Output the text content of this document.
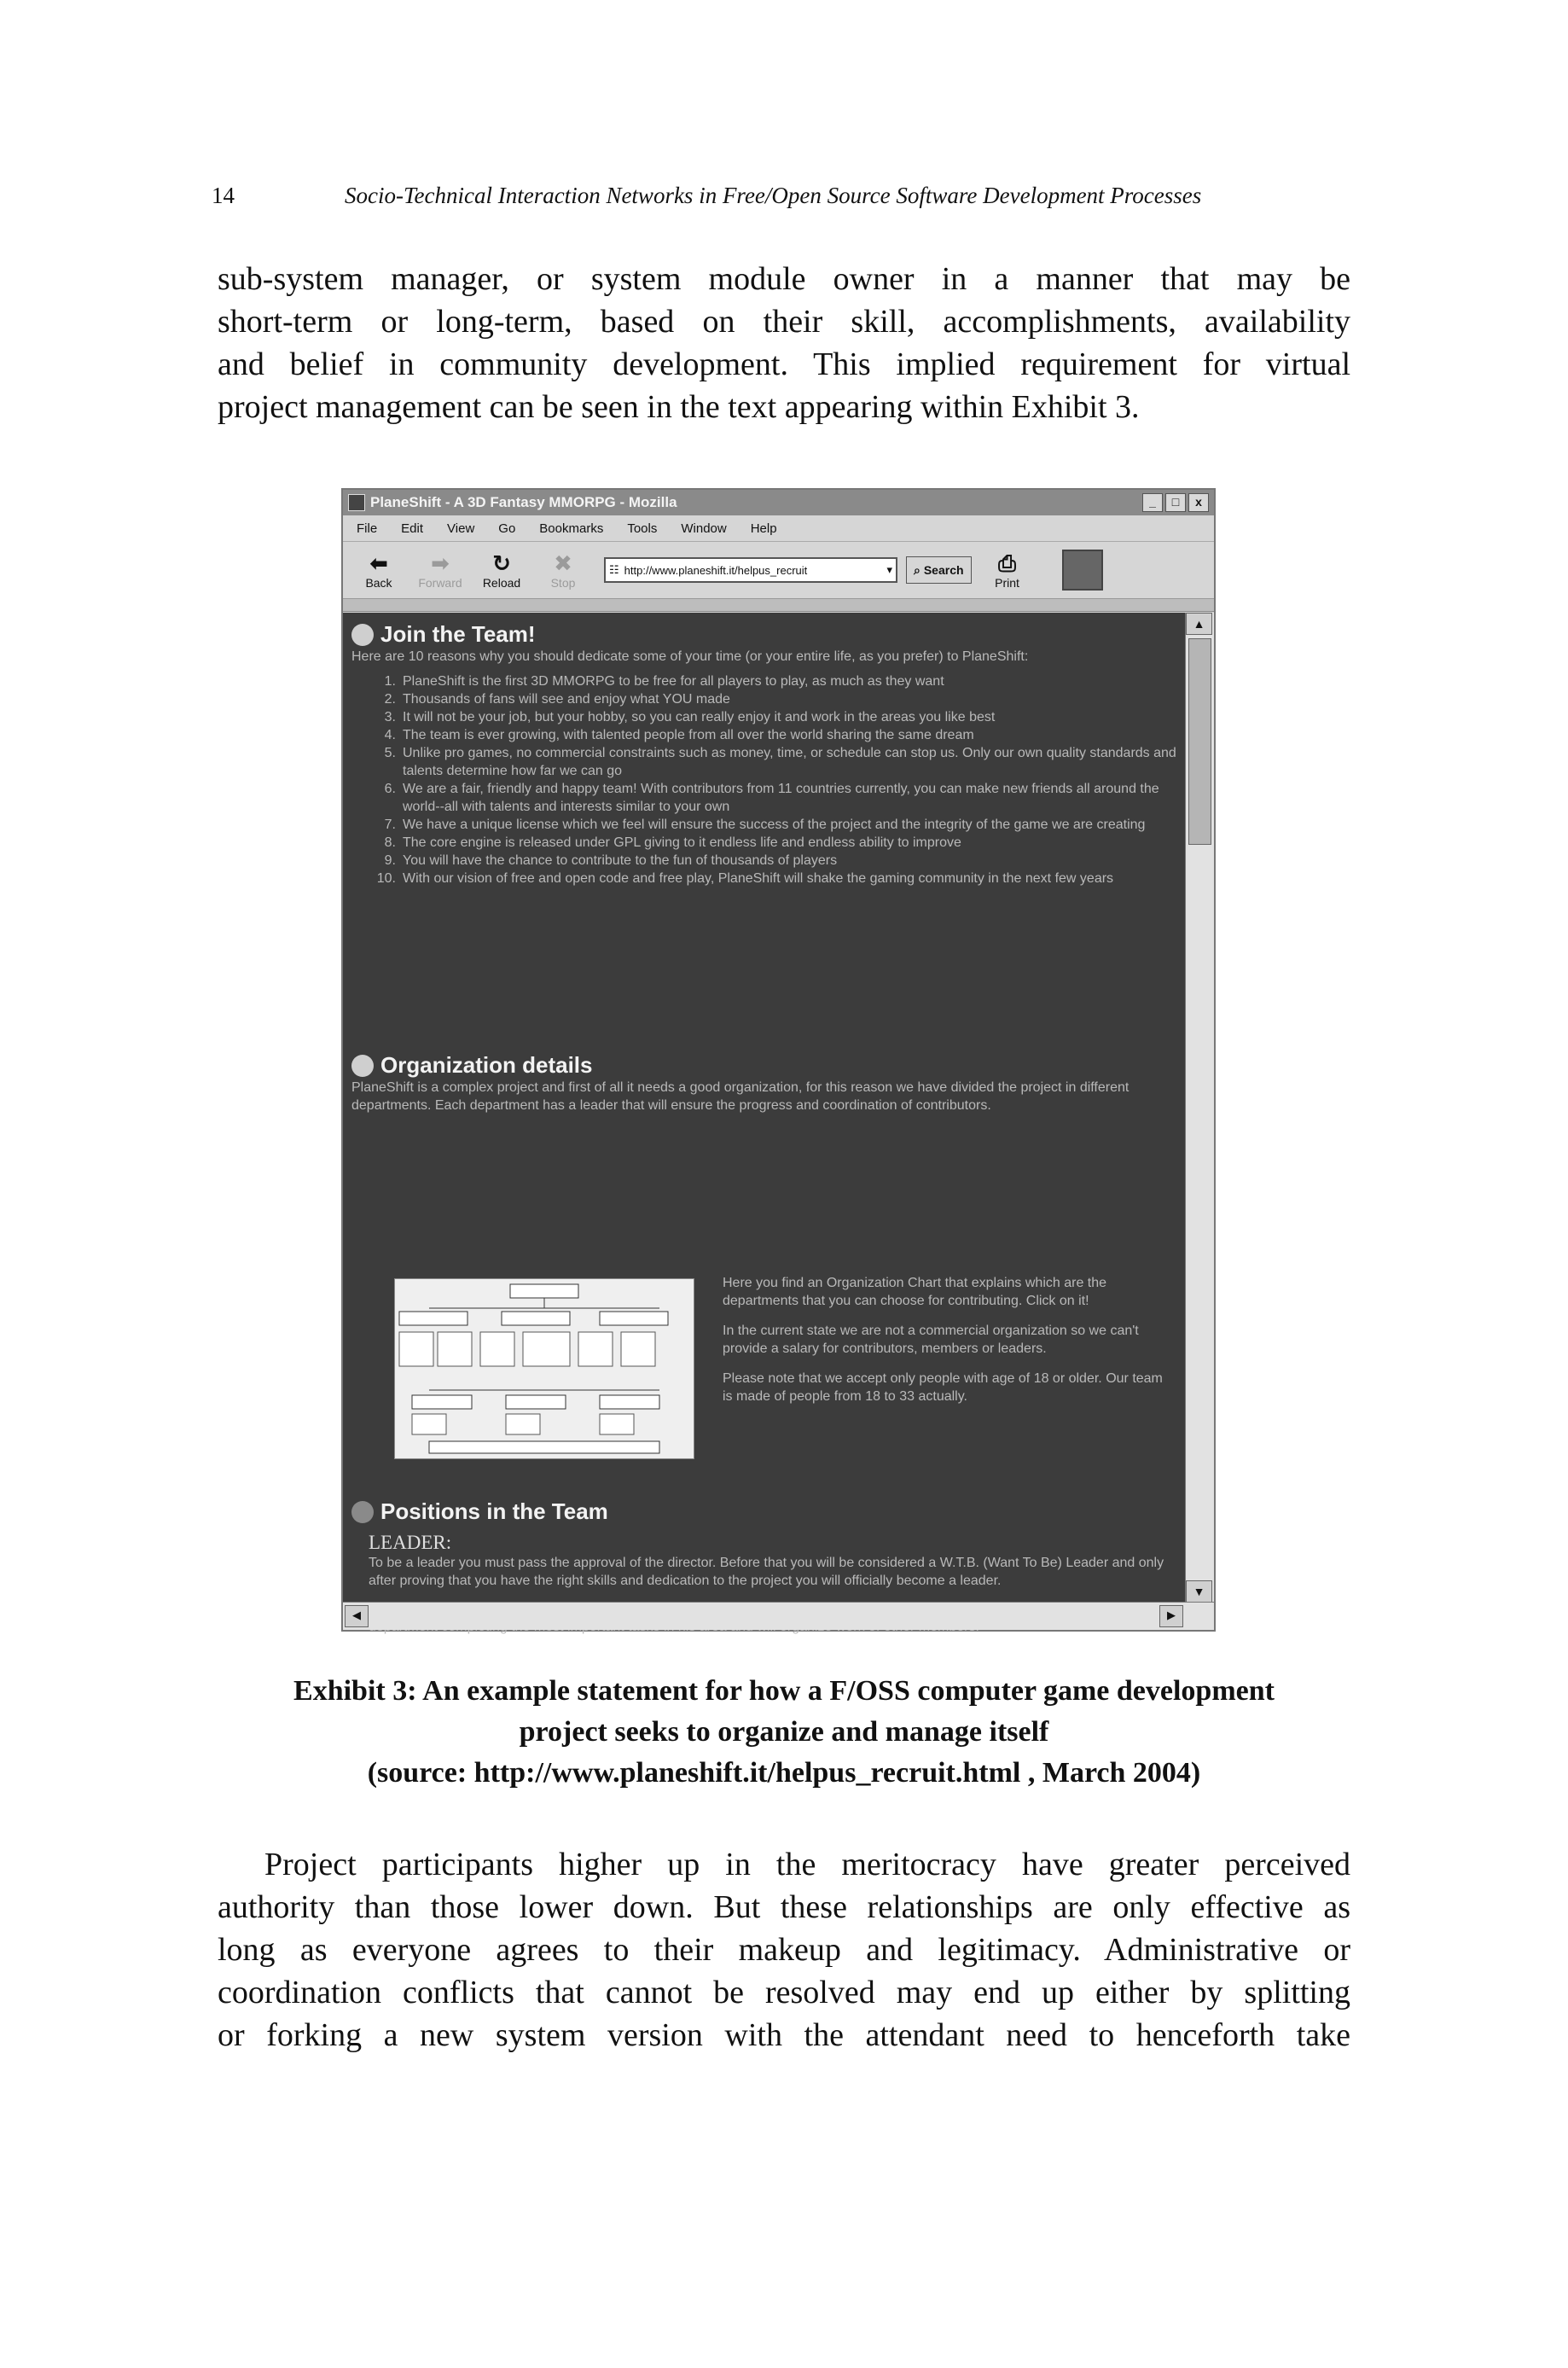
14	Socio-Technical Interaction Networks in Free/Open Source Software Development Processes

sub-system manager, or system module owner in a manner that may be
short-term or long-term, based on their skill, accomplishments, availability
and belief in community development. This implied requirement for virtual
project management can be seen in the text appearing within Exhibit 3.

PlaneShift - A 3D Fantasy MMORPG - Mozilla	_	□	x
File Edit View Go Bookmarks Tools Window Help
⬅
Back
➡
Forward
↻
Reload
✖
Stop
☷ http://www.planeshift.it/helpus_recruit	▾ ⌕ Search ⎙
Print
Join the Team!

Here are 10 reasons why you should dedicate some of your time (or your entire life, as you prefer) to PlaneShift:

1. PlaneShift is the first 3D MMORPG to be free for all players to play, as much as they want
2. Thousands of fans will see and enjoy what YOU made
3. It will not be your job, but your hobby, so you can really enjoy it and work in the areas you like best
4. The team is ever growing, with talented people from all over the world sharing the same dream
5. Unlike pro games, no commercial constraints such as money, time, or schedule can stop us. Only our own quality standards and talents determine how far we can go
6. We are a fair, friendly and happy team! With contributors from 11 countries currently, you can make new friends all around the world--all with talents and interests similar to your own
7. We have a unique license which we feel will ensure the success of the project and the integrity of the game we are creating
8. The core engine is released under GPL giving to it endless life and endless ability to improve
9. You will have the chance to contribute to the fun of thousands of players
10. With our vision of free and open code and free play, PlaneShift will shake the gaming community in the next few years
Organization details

PlaneShift is a complex project and first of all it needs a good organization, for this reason we have divided the project in different departments. Each department has a leader that will ensure the progress and coordination of contributors.

Here you find an Organization Chart that explains which are the departments that you can choose for contributing. Click on it!

In the current state we are not a commercial organization so we can't provide a salary for contributors, members or leaders.

Please note that we accept only people with age of 18 or older. Our team is made of people from 18 to 33 actually.

Positions in the Team

LEADER:

To be a leader you must pass the approval of the director. Before that you will be considered a W.T.B. (Want To Be) Leader and only after proving that you have the right skills and dedication to the project you will officially become a leader.

▲
▼
◀	▶
Exhibit 3: An example statement for how a F/OSS computer game development
project seeks to organize and manage itself
(source: http://www.planeshift.it/helpus_recruit.html , March 2004)

Project participants higher up in the meritocracy have greater perceived
authority than those lower down. But these relationships are only effective as
long as everyone agrees to their makeup and legitimacy. Administrative or
coordination conflicts that cannot be resolved may end up either by splitting
or forking a new system version with the attendant need to henceforth take
